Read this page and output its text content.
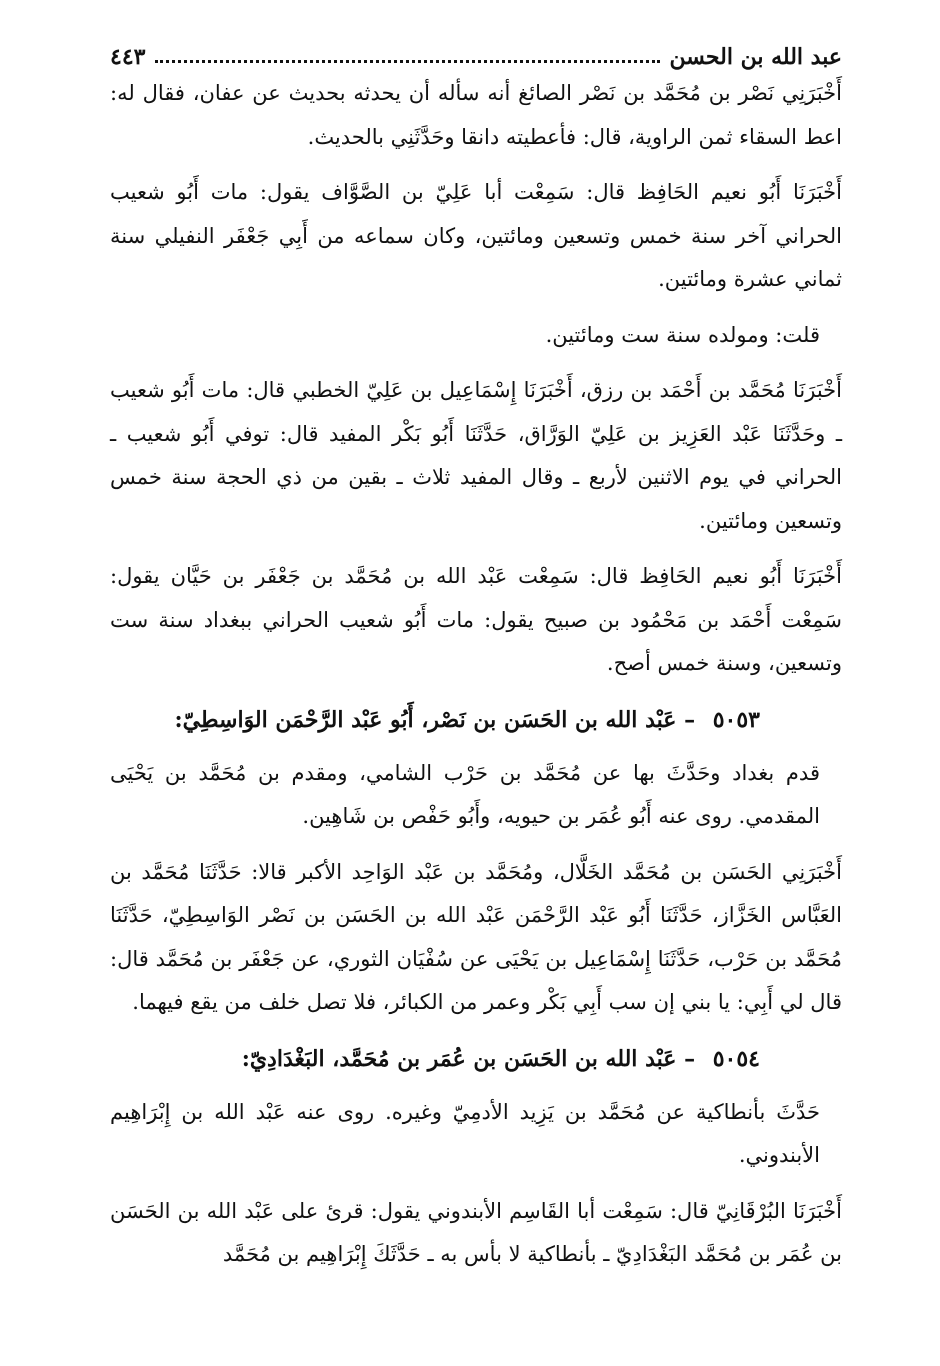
عبد الله بن الحسن
٤٤٣

أَخْبَرَنِي نَصْر بن مُحَمَّد بن نَصْر الصائغ أنه سأله أن يحدثه بحديث عن عفان، فقال له: اعط السقاء ثمن الراوية، قال: فأعطيته دانقا وحَدَّثَنِي بالحديث.

أَخْبَرَنَا أَبُو نعيم الحَافِظ قال: سَمِعْت أبا عَلِيّ بن الصَّوَّاف يقول: مات أَبُو شعيب الحراني آخر سنة خمس وتسعين ومائتين، وكان سماعه من أَبِي جَعْفَر النفيلي سنة ثماني عشرة ومائتين.

قلت: ومولده سنة ست ومائتين.

أَخْبَرَنَا مُحَمَّد بن أَحْمَد بن رزق، أَخْبَرَنَا إِسْمَاعِيل بن عَلِيّ الخطبي قال: مات أَبُو شعيب ـ وحَدَّثَنَا عَبْد العَزِيز بن عَلِيّ الوَرَّاق، حَدَّثَنَا أَبُو بَكْر المفيد قال: توفي أَبُو شعيب ـ الحراني في يوم الاثنين لأربع ـ وقال المفيد ثلاث ـ بقين من ذي الحجة سنة خمس وتسعين ومائتين.

أَخْبَرَنَا أَبُو نعيم الحَافِظ قال: سَمِعْت عَبْد الله بن مُحَمَّد بن جَعْفَر بن حَيَّان يقول: سَمِعْت أَحْمَد بن مَحْمُود بن صبيح يقول: مات أَبُو شعيب الحراني ببغداد سنة ست وتسعين، وسنة خمس أصح.

٥٠٥٣ – عَبْد الله بن الحَسَن بن نَصْر، أَبُو عَبْد الرَّحْمَن الوَاسِطِيّ:

قدم بغداد وحَدَّثَ بها عن مُحَمَّد بن حَرْب الشامي، ومقدم بن مُحَمَّد بن يَحْيَى المقدمي. روى عنه أَبُو عُمَر بن حيويه، وأَبُو حَفْص بن شَاهِين.

أَخْبَرَنِي الحَسَن بن مُحَمَّد الخَلَّال، ومُحَمَّد بن عَبْد الوَاحِد الأكبر قالا: حَدَّثَنَا مُحَمَّد بن العَبَّاس الخَزَّاز، حَدَّثَنَا أَبُو عَبْد الرَّحْمَن عَبْد الله بن الحَسَن بن نَصْر الوَاسِطِيّ، حَدَّثَنَا مُحَمَّد بن حَرْب، حَدَّثَنَا إِسْمَاعِيل بن يَحْيَى عن سُفْيَان الثوري، عن جَعْفَر بن مُحَمَّد قال: قال لي أَبِي: يا بني إن سب أَبِي بَكْر وعمر من الكبائر، فلا تصل خلف من يقع فيهما.

٥٠٥٤ – عَبْد الله بن الحَسَن بن عُمَر بن مُحَمَّد، البَغْدَادِيّ:

حَدَّثَ بأنطاكية عن مُحَمَّد بن يَزِيد الأدمِيّ وغيره. روى عنه عَبْد الله بن إِبْرَاهِيم الأبندوني.

أَخْبَرَنَا البُرْقَانِيّ قال: سَمِعْت أبا القَاسِم الأبندوني يقول: قرئ على عَبْد الله بن الحَسَن بن عُمَر بن مُحَمَّد البَغْدَادِيّ ـ بأنطاكية لا بأس به ـ حَدَّثَكَ إِبْرَاهِيم بن مُحَمَّد
